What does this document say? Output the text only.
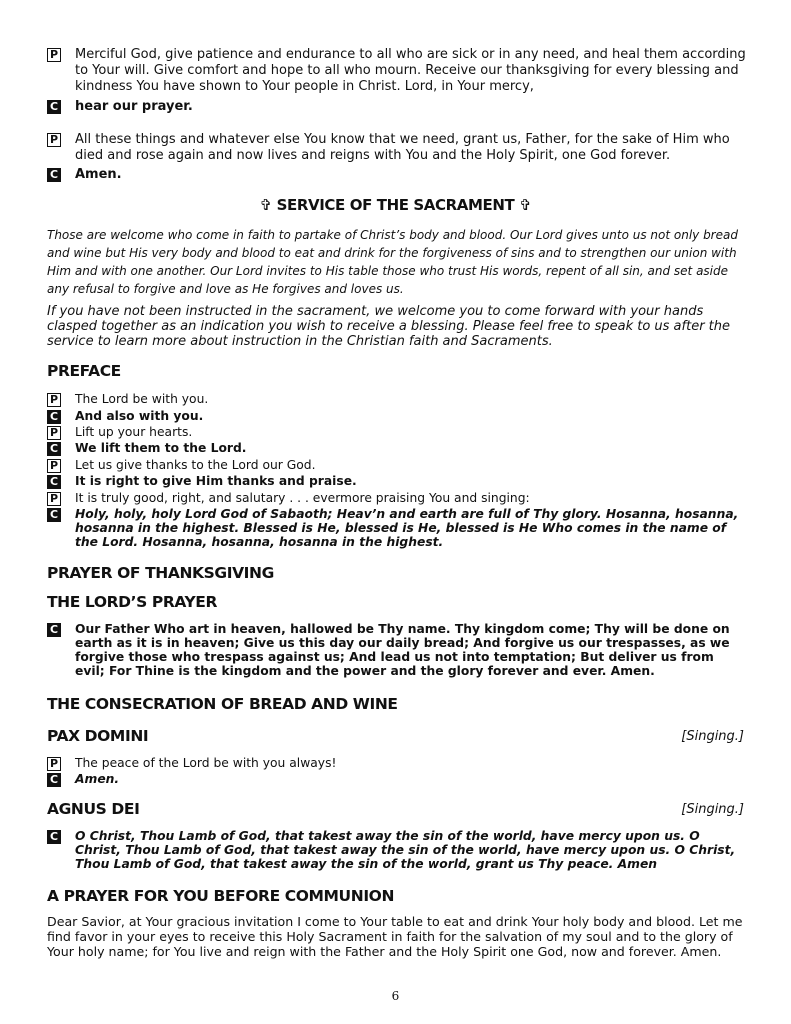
P Merciful God, give patience and endurance to all who are sick or in any need, and heal them according to Your will. Give comfort and hope to all who mourn. Receive our thanksgiving for every blessing and kindness You have shown to Your people in Christ. Lord, in Your mercy,
C hear our prayer.
P All these things and whatever else You know that we need, grant us, Father, for the sake of Him who died and rose again and now lives and reigns with You and the Holy Spirit, one God forever.
C Amen.
✞ SERVICE OF THE SACRAMENT ✞
Those are welcome who come in faith to partake of Christ’s body and blood. Our Lord gives unto us not only bread and wine but His very body and blood to eat and drink for the forgiveness of sins and to strengthen our union with Him and with one another. Our Lord invites to His table those who trust His words, repent of all sin, and set aside any refusal to forgive and love as He forgives and loves us.
If you have not been instructed in the sacrament, we welcome you to come forward with your hands clasped together as an indication you wish to receive a blessing. Please feel free to speak to us after the service to learn more about instruction in the Christian faith and Sacraments.
PREFACE
P The Lord be with you.
C And also with you.
P Lift up your hearts.
C We lift them to the Lord.
P Let us give thanks to the Lord our God.
C It is right to give Him thanks and praise.
P It is truly good, right, and salutary . . . evermore praising You and singing:
C Holy, holy, holy Lord God of Sabaoth; Heav’n and earth are full of Thy glory. Hosanna, hosanna, hosanna in the highest. Blessed is He, blessed is He, blessed is He Who comes in the name of the Lord. Hosanna, hosanna, hosanna in the highest.
PRAYER OF THANKSGIVING
THE LORD’S PRAYER
C Our Father Who art in heaven, hallowed be Thy name. Thy kingdom come; Thy will be done on earth as it is in heaven; Give us this day our daily bread; And forgive us our trespasses, as we forgive those who trespass against us; And lead us not into temptation; But deliver us from evil; For Thine is the kingdom and the power and the glory forever and ever. Amen.
THE CONSECRATION OF BREAD AND WINE
PAX DOMINI	[Singing.]
P The peace of the Lord be with you always!
C Amen.
AGNUS DEI	[Singing.]
C O Christ, Thou Lamb of God, that takest away the sin of the world, have mercy upon us. O Christ, Thou Lamb of God, that takest away the sin of the world, have mercy upon us. O Christ, Thou Lamb of God, that takest away the sin of the world, grant us Thy peace. Amen
A PRAYER FOR YOU BEFORE COMMUNION
Dear Savior, at Your gracious invitation I come to Your table to eat and drink Your holy body and blood. Let me find favor in your eyes to receive this Holy Sacrament in faith for the salvation of my soul and to the glory of Your holy name; for You live and reign with the Father and the Holy Spirit one God, now and forever. Amen.
6
